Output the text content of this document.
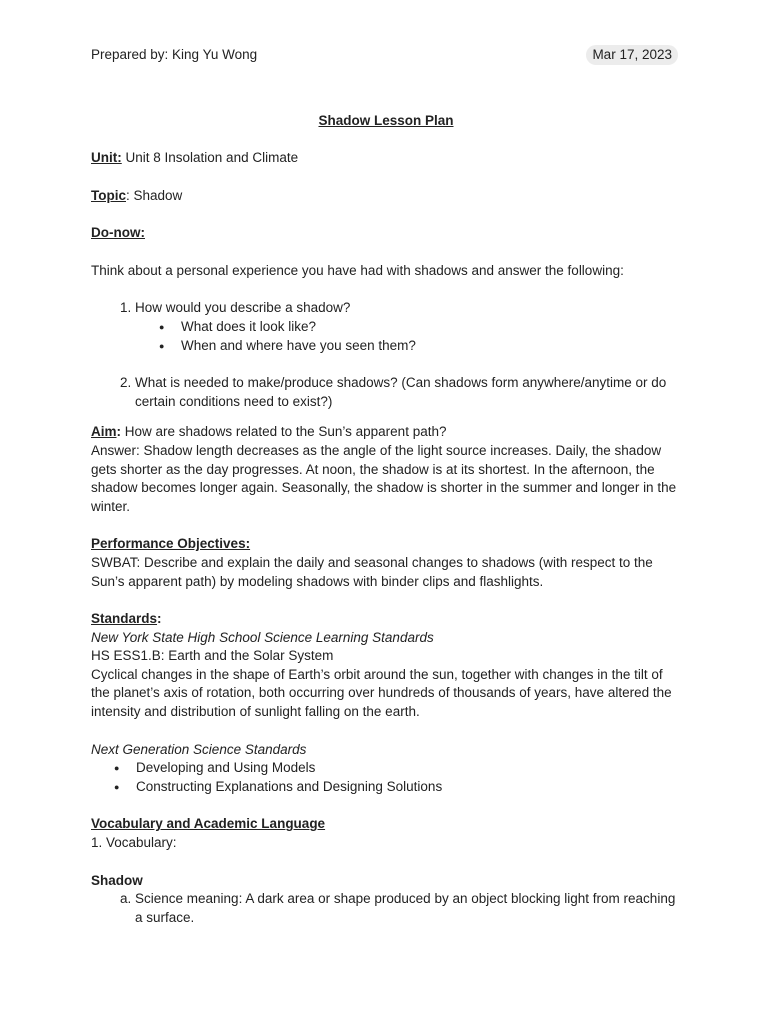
Prepared by: King Yu Wong	Mar 17, 2023

Shadow Lesson Plan

Unit: Unit 8 Insolation and Climate

Topic: Shadow

Do-now:

Think about a personal experience you have had with shadows and answer the following:

1. How would you describe a shadow?
● What does it look like?
● When and where have you seen them?
2. What is needed to make/produce shadows? (Can shadows form anywhere/anytime or do certain conditions need to exist?)

Aim: How are shadows related to the Sun’s apparent path?

Answer: Shadow length decreases as the angle of the light source increases. Daily, the shadow gets shorter as the day progresses. At noon, the shadow is at its shortest. In the afternoon, the shadow becomes longer again. Seasonally, the shadow is shorter in the summer and longer in the winter.

Performance Objectives:

SWBAT: Describe and explain the daily and seasonal changes to shadows (with respect to the Sun’s apparent path) by modeling shadows with binder clips and flashlights.

Standards:

New York State High School Science Learning Standards

HS ESS1.B: Earth and the Solar System

Cyclical changes in the shape of Earth’s orbit around the sun, together with changes in the tilt of the planet’s axis of rotation, both occurring over hundreds of thousands of years, have altered the intensity and distribution of sunlight falling on the earth.

Next Generation Science Standards

● Developing and Using Models
● Constructing Explanations and Designing Solutions

Vocabulary and Academic Language

1. Vocabulary:

Shadow

a. Science meaning: A dark area or shape produced by an object blocking light from reaching a surface.
